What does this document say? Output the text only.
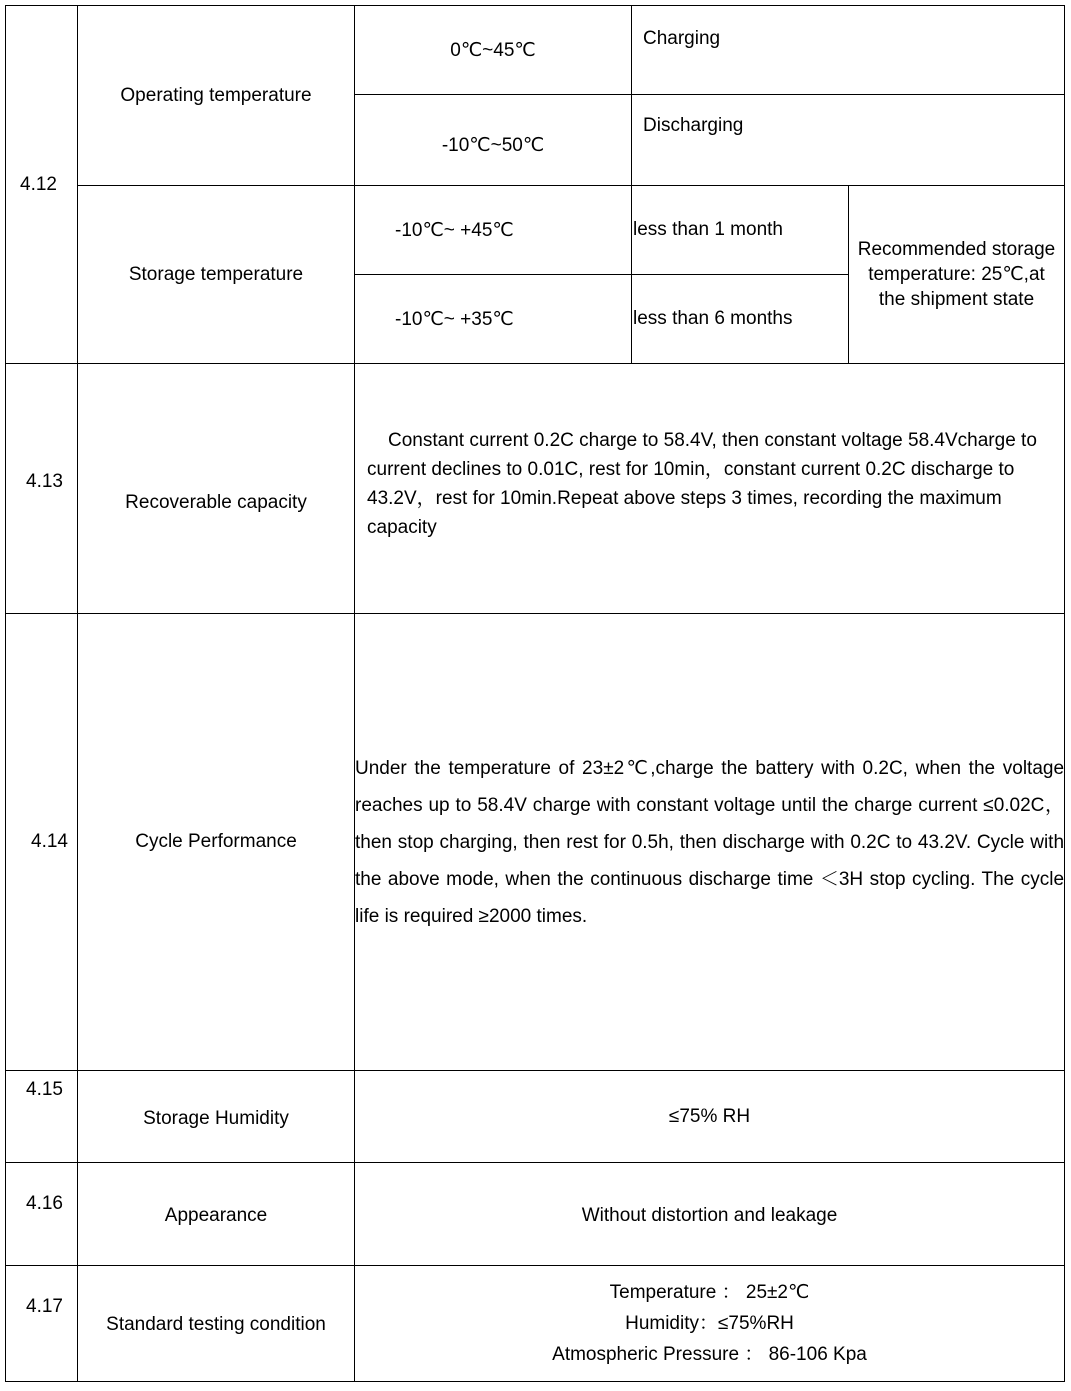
4.12	Operating temperature	0℃~45℃	Charging	
		-10℃~50℃	Discharging	
	Storage temperature	-10℃~ +45℃	less than 1 month	Recommended storage temperature: 25℃,at the shipment state
		-10℃~ +35℃	less than 6 months	
4.13	Recoverable capacity	Constant current 0.2C charge to 58.4V, then constant voltage 58.4Vcharge to current declines to 0.01C, rest for 10min，constant current 0.2C discharge to 43.2V，rest for 10min.Repeat above steps 3 times, recording the maximum capacity		
4.14	Cycle Performance	Under the temperature of 23±2℃,charge the battery with 0.2C, when the voltage reaches up to 58.4V charge with constant voltage until the charge current ≤0.02C， then stop charging, then rest for 0.5h, then discharge with 0.2C to 43.2V. Cycle with the above mode, when the continuous discharge time ＜3H stop cycling. The cycle life is required ≥2000 times.		
4.15	Storage Humidity	≤75% RH		
4.16	Appearance	Without distortion and leakage		
4.17	Standard testing condition	Temperature ： 25±2℃
Humidity：≤75%RH
Atmospheric Pressure ： 86-106 Kpa		
